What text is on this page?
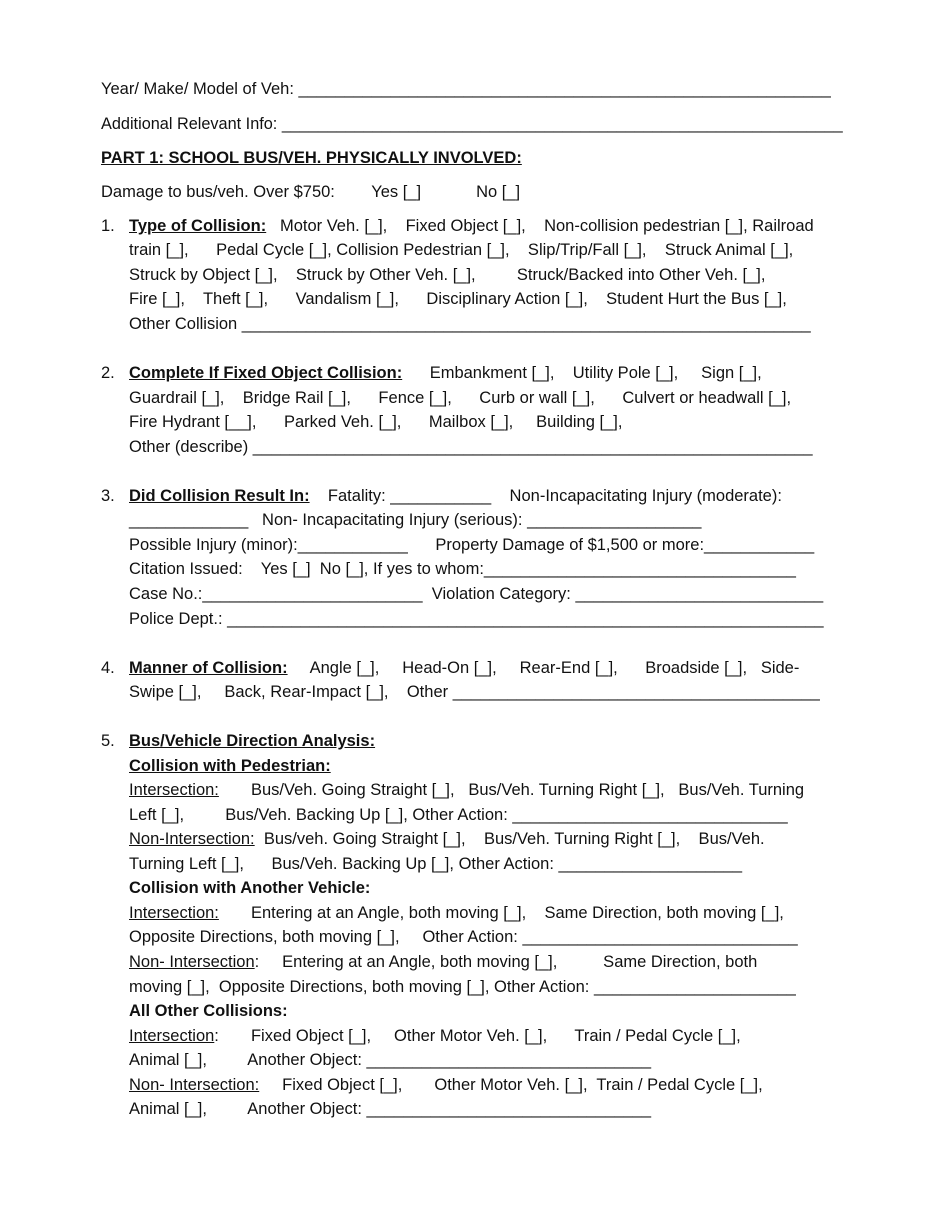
Year/ Make/ Model of Veh: __________________________________________________________
Additional Relevant Info: ______________________________________________________________
PART 1: SCHOOL BUS/VEH. PHYSICALLY INVOLVED:
Damage to bus/veh. Over $750:        Yes [_]            No [_]
1. Type of Collision:   Motor Veh. [_],    Fixed Object [_],    Non-collision pedestrian [_], Railroad
train [_],      Pedal Cycle [_], Collision Pedestrian [_],    Slip/Trip/Fall [_],    Struck Animal [_],
Struck by Object [_],    Struck by Other Veh. [_],         Struck/Backed into Other Veh. [_],
Fire [_],    Theft [_],      Vandalism [_],      Disciplinary Action [_],    Student Hurt the Bus [_],
Other Collision ______________________________________________________________
2. Complete If Fixed Object Collision:      Embankment [_],    Utility Pole [_],     Sign [_],
Guardrail [_],    Bridge Rail [_],      Fence [_],      Curb or wall [_],      Culvert or headwall [_],
Fire Hydrant [__],      Parked Veh. [_],      Mailbox [_],     Building [_],
Other (describe) _____________________________________________________________
3. Did Collision Result In:    Fatality: ___________    Non-Incapacitating Injury (moderate):
_____________   Non- Incapacitating Injury (serious): ___________________
Possible Injury (minor):____________      Property Damage of $1,500 or more:____________
Citation Issued:    Yes [_]  No [_], If yes to whom:__________________________________
Case No.:________________________  Violation Category: ___________________________
Police Dept.: _________________________________________________________________
4. Manner of Collision:     Angle [_],     Head-On [_],     Rear-End [_],      Broadside [_],   Side-
Swipe [_],     Back, Rear-Impact [_],    Other ________________________________________
5. Bus/Vehicle Direction Analysis:
Collision with Pedestrian:
Intersection:       Bus/Veh. Going Straight [_],   Bus/Veh. Turning Right [_],   Bus/Veh. Turning
Left [_],         Bus/Veh. Backing Up [_], Other Action: ______________________________
Non-Intersection:  Bus/veh. Going Straight [_],    Bus/Veh. Turning Right [_],    Bus/Veh.
Turning Left [_],      Bus/Veh. Backing Up [_], Other Action: ____________________
Collision with Another Vehicle:
Intersection:       Entering at an Angle, both moving [_],    Same Direction, both moving [_],
Opposite Directions, both moving [_],     Other Action: ______________________________
Non- Intersection:     Entering at an Angle, both moving [_],          Same Direction, both
moving [_],  Opposite Directions, both moving [_], Other Action: ______________________
All Other Collisions:
Intersection:       Fixed Object [_],     Other Motor Veh. [_],      Train / Pedal Cycle [_],
Animal [_],         Another Object: _______________________________
Non- Intersection:     Fixed Object [_],       Other Motor Veh. [_],  Train / Pedal Cycle [_],
Animal [_],         Another Object: _______________________________
